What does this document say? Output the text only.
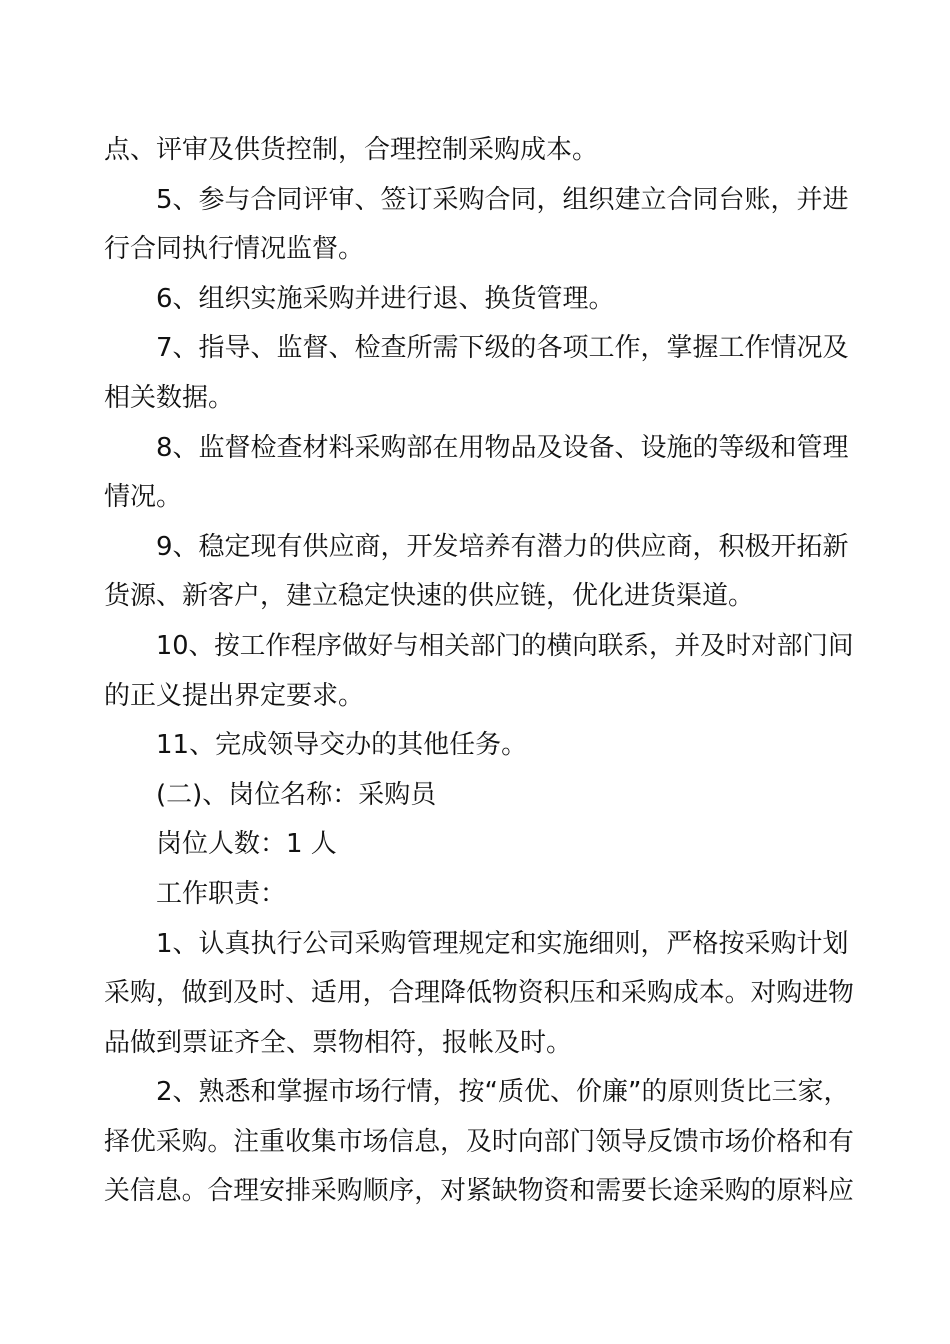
点、评审及供货控制，合理控制采购成本。

5、参与合同评审、签订采购合同，组织建立合同台账，并进

行合同执行情况监督。

6、组织实施采购并进行退、换货管理。

7、指导、监督、检查所需下级的各项工作，掌握工作情况及

相关数据。

8、监督检查材料采购部在用物品及设备、设施的等级和管理

情况。

9、稳定现有供应商，开发培养有潜力的供应商，积极开拓新

货源、新客户，建立稳定快速的供应链，优化进货渠道。

10、按工作程序做好与相关部门的横向联系，并及时对部门间

的正义提出界定要求。

11、完成领导交办的其他任务。

(二)、岗位名称：采购员

岗位人数：1 人

工作职责：

1、认真执行公司采购管理规定和实施细则，严格按采购计划

采购，做到及时、适用，合理降低物资积压和采购成本。对购进物

品做到票证齐全、票物相符，报帐及时。

2、熟悉和掌握市场行情，按“质优、价廉”的原则货比三家，

择优采购。注重收集市场信息，及时向部门领导反馈市场价格和有

关信息。合理安排采购顺序，对紧缺物资和需要长途采购的原料应
